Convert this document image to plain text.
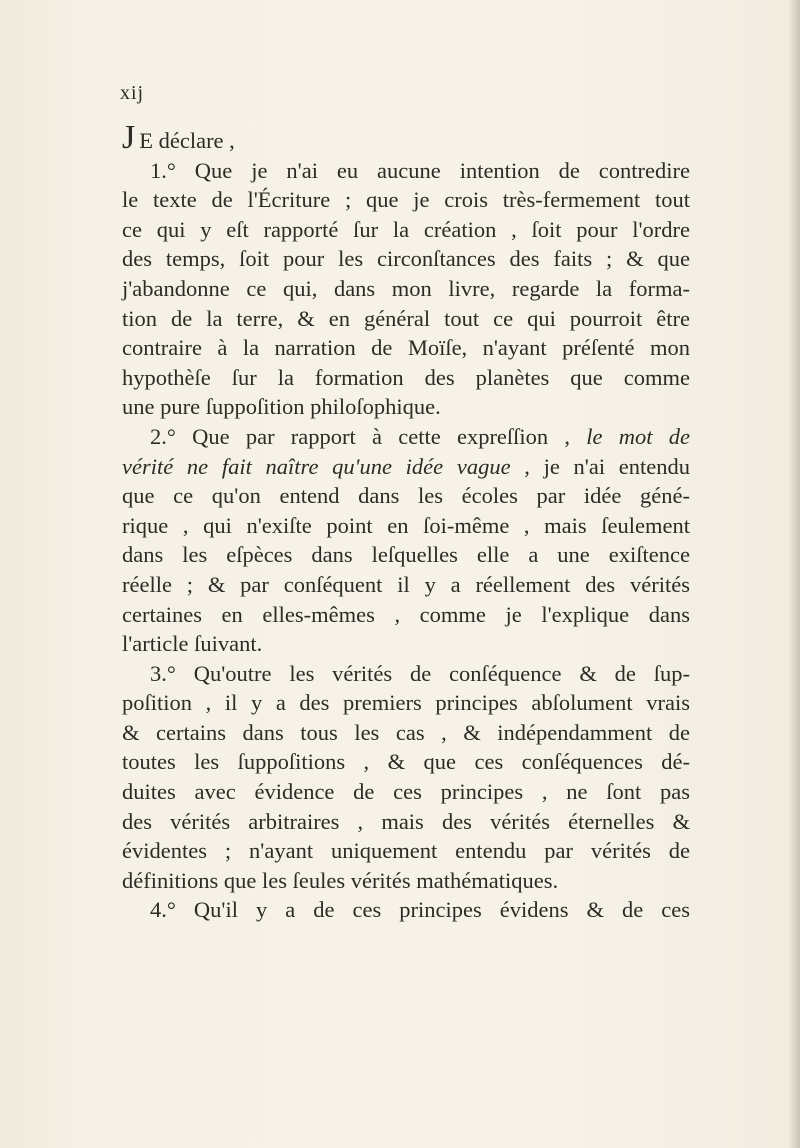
xij
J E déclare ,
1.° Que je n'ai eu aucune intention de contredire
le texte de l'Écriture ; que je crois très-fermement tout
ce qui y eſt rapporté ſur la création , ſoit pour l'ordre
des temps, ſoit pour les circonſtances des faits ; & que
j'abandonne ce qui, dans mon livre, regarde la forma-
tion de la terre, & en général tout ce qui pourroit être
contraire à la narration de Moïſe, n'ayant préſenté mon
hypothèſe ſur la formation des planètes que comme
une pure ſuppoſition philoſophique.
2.° Que par rapport à cette expreſſion , le mot de
vérité ne fait naître qu'une idée vague , je n'ai entendu
que ce qu'on entend dans les écoles par idée géné-
rique , qui n'exiſte point en ſoi-même , mais ſeulement
dans les eſpèces dans leſquelles elle a une exiſtence
réelle ; & par conſéquent il y a réellement des vérités
certaines en elles-mêmes , comme je l'explique dans
l'article ſuivant.
3.° Qu'outre les vérités de conſéquence & de ſup-
poſition , il y a des premiers principes abſolument vrais
& certains dans tous les cas , & indépendamment de
toutes les ſuppoſitions , & que ces conſéquences dé-
duites avec évidence de ces principes , ne ſont pas
des vérités arbitraires , mais des vérités éternelles &
évidentes ; n'ayant uniquement entendu par vérités de
définitions que les ſeules vérités mathématiques.
4.° Qu'il y a de ces principes évidens & de ces
